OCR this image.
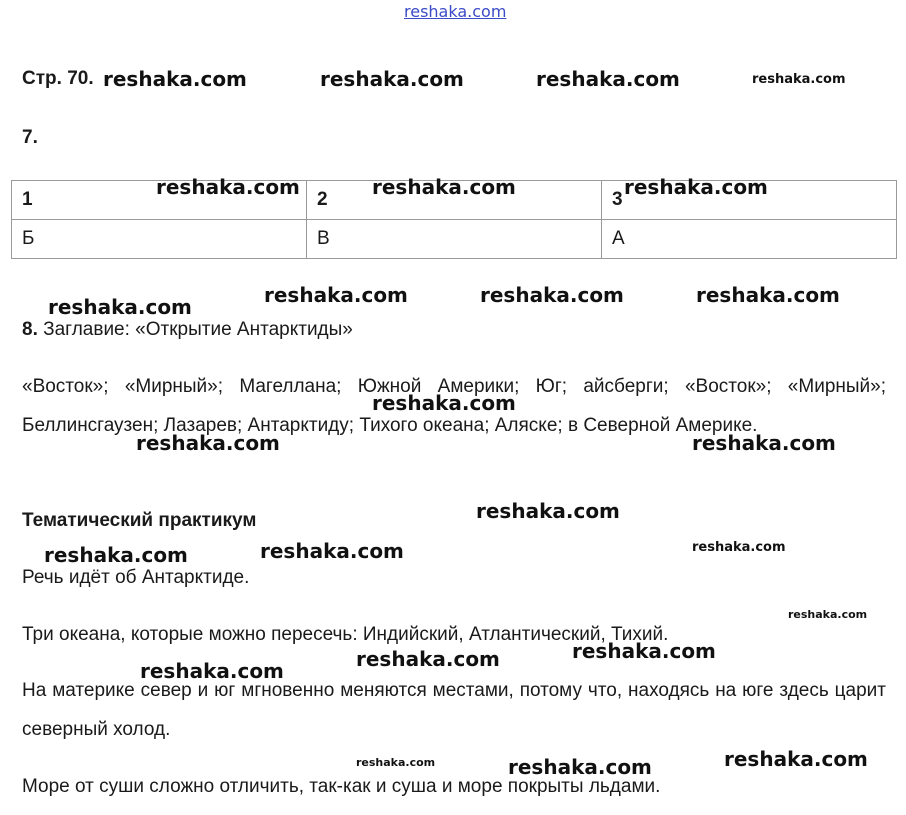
reshaka.com
Стр. 70.
7.
1	2	3
Б	В	А
8. Заглавие: «Открытие Антарктиды»

«Восток»; «Мирный»; Магеллана; Южной Америки; Юг; айсберги; «Восток»; «Мирный»; Беллинсгаузен; Лазарев; Антарктиду; Тихого океана; Аляске; в Северной Америке.

Тематический практикум
Речь идёт об Антарктиде.
Три океана, которые можно пересечь: Индийский, Атлантический, Тихий.

На материке север и юг мгновенно меняются местами, потому что, находясь на юге здесь царит северный холод.

Море от суши сложно отличить, так-как и суша и море покрыты льдами.
reshaka.com	reshaka.com	reshaka.com	reshaka.com
reshaka.com	reshaka.com	reshaka.com
reshaka.com	reshaka.com	reshaka.com	reshaka.com
reshaka.com
reshaka.com	reshaka.com
reshaka.com
reshaka.com	reshaka.com	reshaka.com
reshaka.com
reshaka.com
reshaka.com
reshaka.com
reshaka.com	reshaka.com
reshaka.com
